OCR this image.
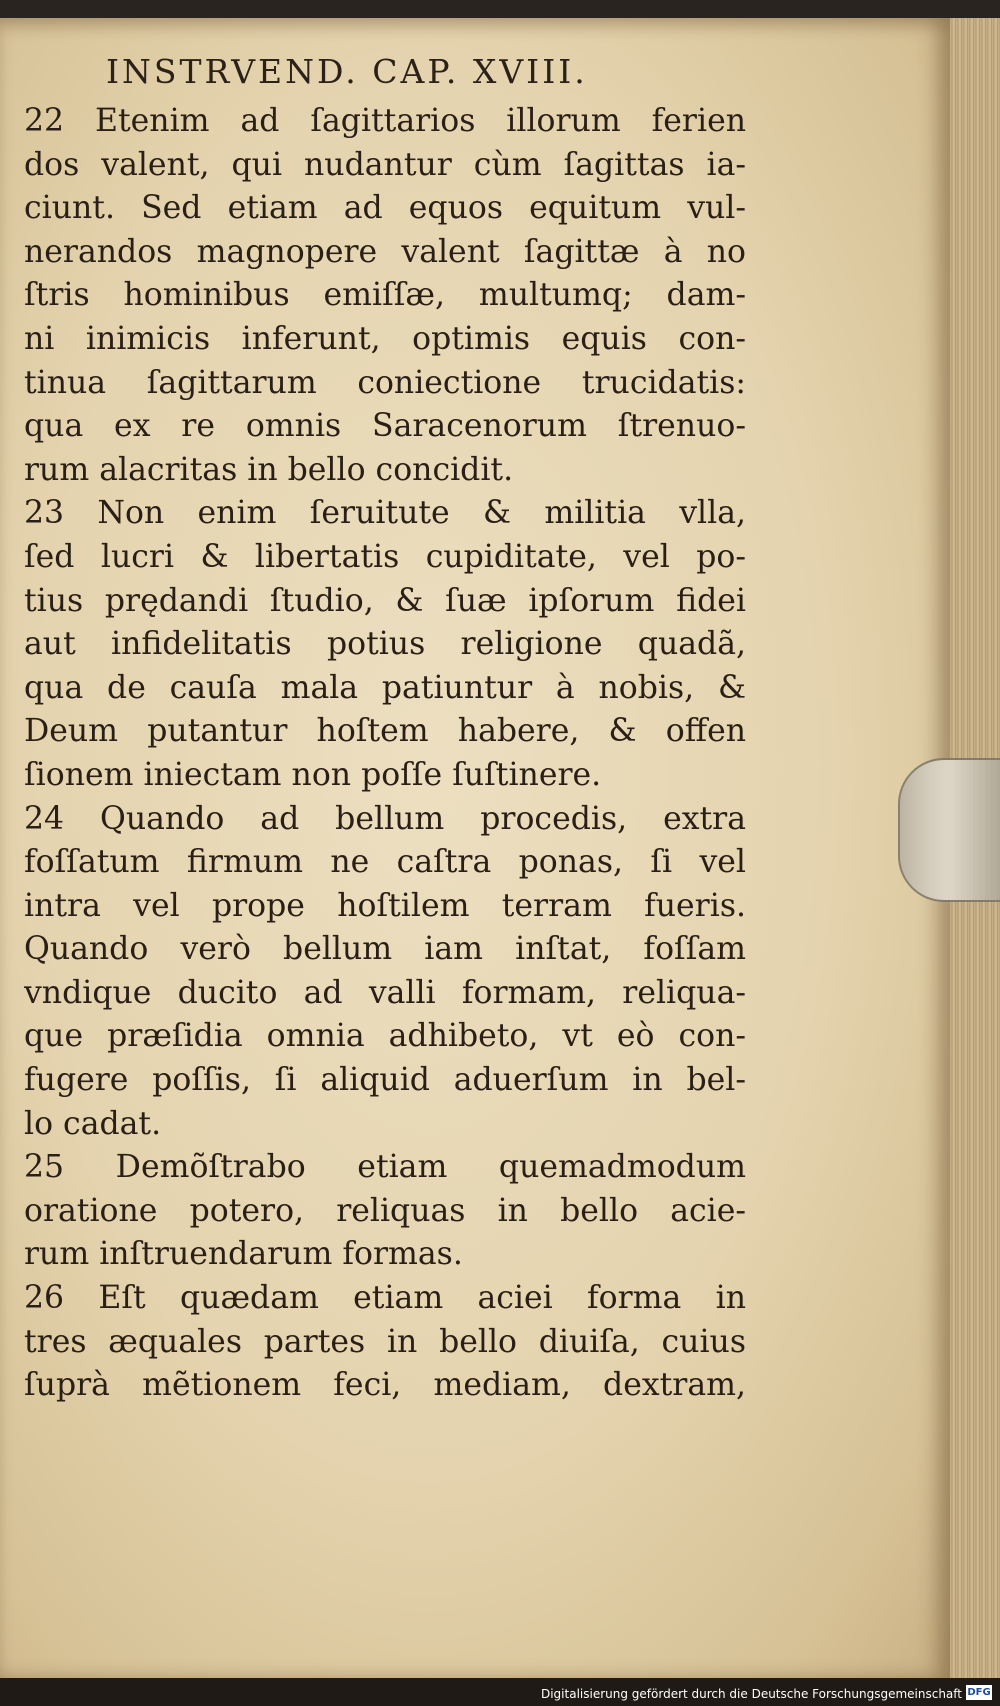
INSTRVEND. CAP. XVIII.
22 Etenim ad ſagittarios illorum ferien
dos valent, qui nudantur cùm ſagittas ia-
ciunt. Sed etiam ad equos equitum vul-
nerandos magnopere valent ſagittæ à no
ſtris hominibus emiſſæ, multumq; dam-
ni inimicis inferunt, optimis equis con-
tinua ſagittarum coniectione trucidatis:
qua ex re omnis Saracenorum ſtrenuo-
rum alacritas in bello concidit.
23 Non enim ſeruitute & militia vlla,
ſed lucri & libertatis cupiditate, vel po-
tius prędandi ſtudio, & ſuæ ipſorum fidei
aut infidelitatis potius religione quadã,
qua de cauſa mala patiuntur à nobis, &
Deum putantur hoſtem habere, & offen
ſionem iniectam non poſſe ſuſtinere.
24 Quando ad bellum procedis, extra
foſſatum firmum ne caſtra ponas, ſi vel
intra vel prope hoſtilem terram fueris.
Quando verò bellum iam inſtat, foſſam
vndique ducito ad valli formam, reliqua-
que præſidia omnia adhibeto, vt eò con-
fugere poſſis, ſi aliquid aduerſum in bel-
lo cadat.
25 Demõſtrabo etiam quemadmodum
oratione potero, reliquas in bello acie-
rum inſtruendarum formas.
26 Eſt quædam etiam aciei forma in
tres æquales partes in bello diuiſa, cuius
ſuprà mẽtionem feci, mediam, dextram,
Digitalisierung gefördert durch die Deutsche Forschungsgemeinschaft DFG
